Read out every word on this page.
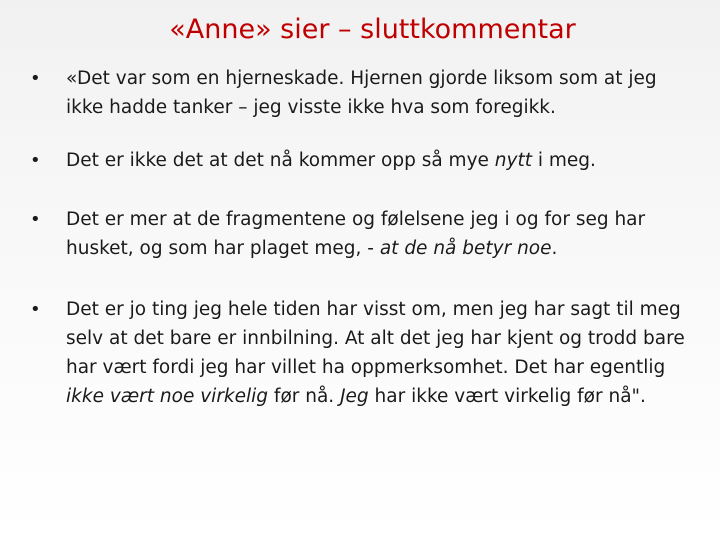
«Anne» sier – sluttkommentar
• «Det var som en hjerneskade. Hjernen gjorde liksom som at jeg ikke hadde tanker – jeg visste ikke hva som foregikk.
• Det er ikke det at det nå kommer opp så mye nytt i meg.
• Det er mer at de fragmentene og følelsene jeg i og for seg har husket, og som har plaget meg, - at de nå betyr noe.
• Det er jo ting jeg hele tiden har visst om, men jeg har sagt til meg selv at det bare er innbilning. At alt det jeg har kjent og trodd bare har vært fordi jeg har villet ha oppmerksomhet. Det har egentlig ikke vært noe virkelig før nå. Jeg har ikke vært virkelig før nå".
